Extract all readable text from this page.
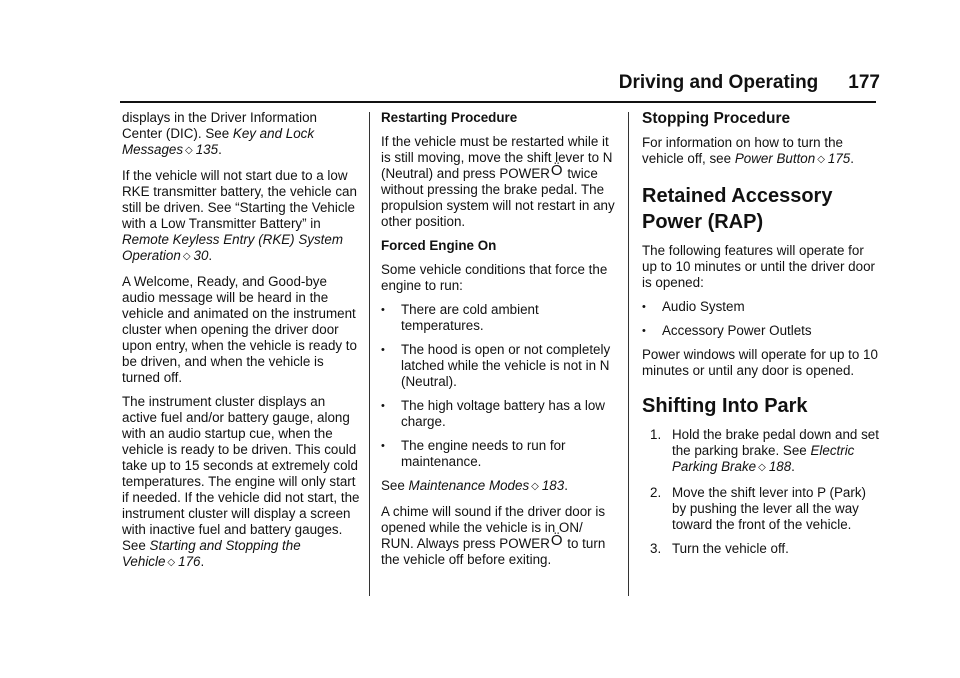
Driving and Operating 177

displays in the Driver Information Center (DIC). See Key and Lock Messages ◇ 135.

If the vehicle will not start due to a low RKE transmitter battery, the vehicle can still be driven. See “Starting the Vehicle with a Low Transmitter Battery” in Remote Keyless Entry (RKE) System Operation ◇ 30.

A Welcome, Ready, and Good-bye audio message will be heard in the vehicle and animated on the instrument cluster when opening the driver door upon entry, when the vehicle is ready to be driven, and when the vehicle is turned off.

The instrument cluster displays an active fuel and/or battery gauge, along with an audio startup cue, when the vehicle is ready to be driven. This could take up to 15 seconds at extremely cold temperatures. The engine will only start if needed. If the vehicle did not start, the instrument cluster will display a screen with inactive fuel and battery gauges. See Starting and Stopping the Vehicle ◇ 176.

Restarting Procedure

If the vehicle must be restarted while it is still moving, move the shift lever to N (Neutral) and press POWERÖ twice without pressing the brake pedal. The propulsion system will not restart in any other position.

Forced Engine On

Some vehicle conditions that force the engine to run:

• There are cold ambient temperatures.
• The hood is open or not completely latched while the vehicle is not in N (Neutral).
• The high voltage battery has a low charge.
• The engine needs to run for maintenance.

See Maintenance Modes ◇ 183.

A chime will sound if the driver door is opened while the vehicle is in ON/ RUN. Always press POWERÖ to turn the vehicle off before exiting.

Stopping Procedure

For information on how to turn the vehicle off, see Power Button ◇ 175.

Retained Accessory Power (RAP)

The following features will operate for up to 10 minutes or until the driver door is opened:

• Audio System
• Accessory Power Outlets

Power windows will operate for up to 10 minutes or until any door is opened.

Shifting Into Park
1. Hold the brake pedal down and set the parking brake. See Electric Parking Brake ◇ 188.
2. Move the shift lever into P (Park) by pushing the lever all the way toward the front of the vehicle.
3. Turn the vehicle off.
